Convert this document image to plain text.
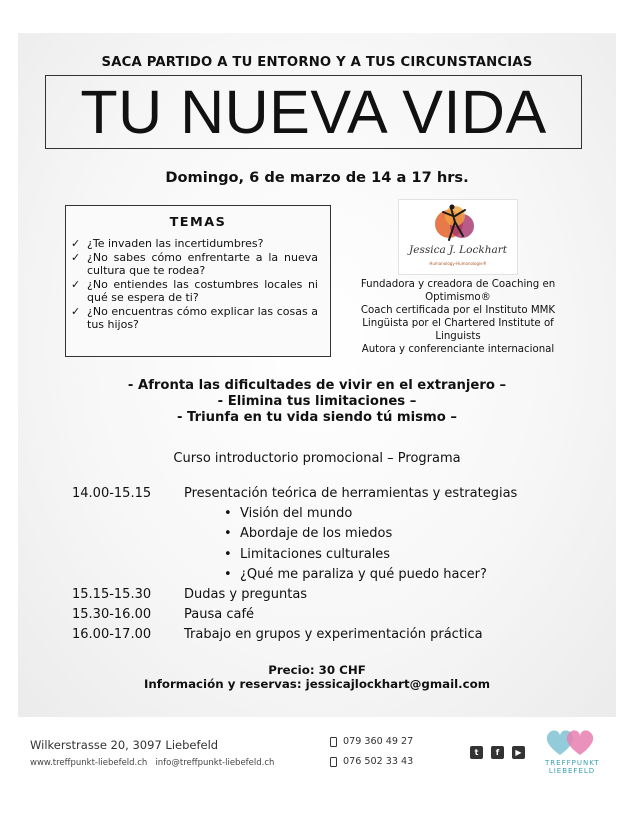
SACA PARTIDO A TU ENTORNO Y A TUS CIRCUNSTANCIAS
TU NUEVA VIDA
Domingo, 6 de marzo de 14 a 17 hrs.
TEMAS
✓ ¿Te invaden las incertidumbres?
✓ ¿No sabes cómo enfrentarte a la nueva cultura que te rodea?
✓ ¿No entiendes las costumbres locales ni qué se espera de ti?
✓ ¿No encuentras cómo explicar las cosas a tus hijos?
Jessica J. Lockhart
Humanology-Humanologie®
Fundadora y creadora de Coaching en
Optimismo®
Coach certificada por el Instituto MMK
Lingüista por el Chartered Institute of
Linguists
Autora y conferenciante internacional
- Afronta las dificultades de vivir en el extranjero –
- Elimina tus limitaciones –
- Triunfa en tu vida siendo tú mismo –
Curso introductorio promocional – Programa
14.00-15.15	Presentación teórica de herramientas y estrategias
• Visión del mundo
• Abordaje de los miedos
• Limitaciones culturales
• ¿Qué me paraliza y qué puedo hacer?
15.15-15.30	Dudas y preguntas
15.30-16.00	Pausa café
16.00-17.00	Trabajo en grupos y experimentación práctica
Precio: 30 CHF
Información y reservas: jessicajlockhart@gmail.com
Wilkerstrasse 20, 3097 Liebefeld
www.treffpunkt-liebefeld.ch info@treffpunkt-liebefeld.ch
079 360 49 27
076 502 33 43
t	f	▶
TREFFPUNKT
LIEBEFELD
